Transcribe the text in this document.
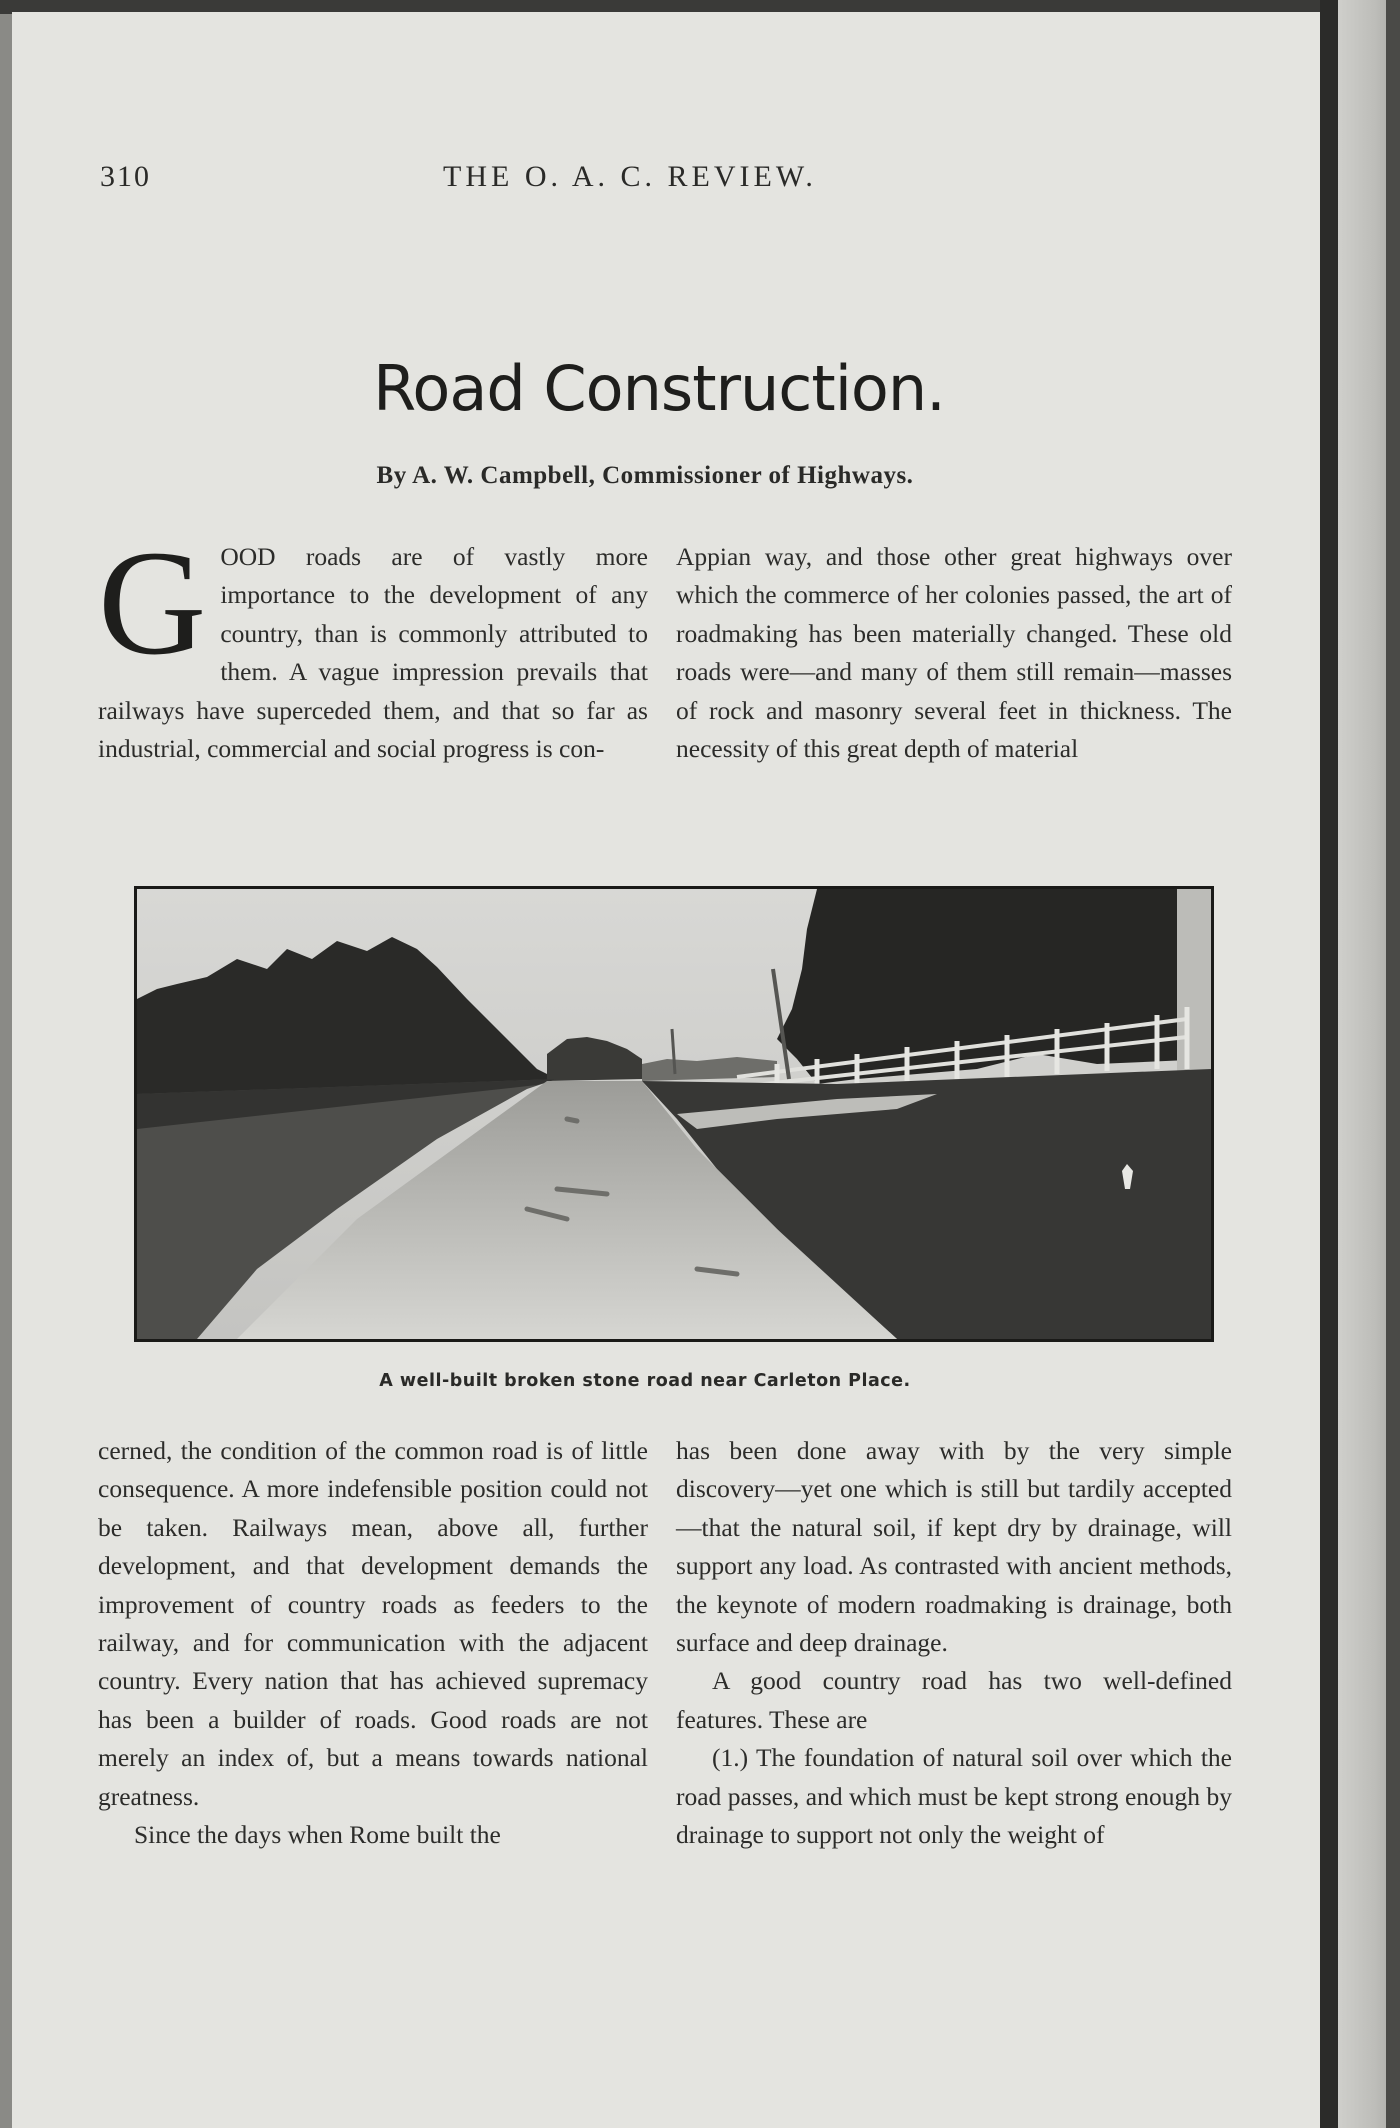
310	THE O. A. C. REVIEW.
Road Construction.
By A. W. Campbell, Commissioner of Highways.

GOOD roads are of vastly more importance to the development of any country, than is commonly attributed to them. A vague impression prevails that railways have superceded them, and that so far as industrial, commercial and social progress is con-

Appian way, and those other great highways over which the commerce of her colonies passed, the art of roadmaking has been materially changed. These old roads were—and many of them still remain—masses of rock and masonry several feet in thickness. The necessity of this great depth of material

A well-built broken stone road near Carleton Place.

cerned, the condition of the common road is of little consequence. A more indefensible position could not be taken. Railways mean, above all, further development, and that development demands the improvement of country roads as feeders to the railway, and for communication with the adjacent country. Every nation that has achieved supremacy has been a builder of roads. Good roads are not merely an index of, but a means towards national greatness.

Since the days when Rome built the

has been done away with by the very simple discovery—yet one which is still but tardily accepted—that the natural soil, if kept dry by drainage, will support any load. As contrasted with ancient methods, the keynote of modern roadmaking is drainage, both surface and deep drainage.

A good country road has two well-defined features. These are

(1.) The foundation of natural soil over which the road passes, and which must be kept strong enough by drainage to support not only the weight of
